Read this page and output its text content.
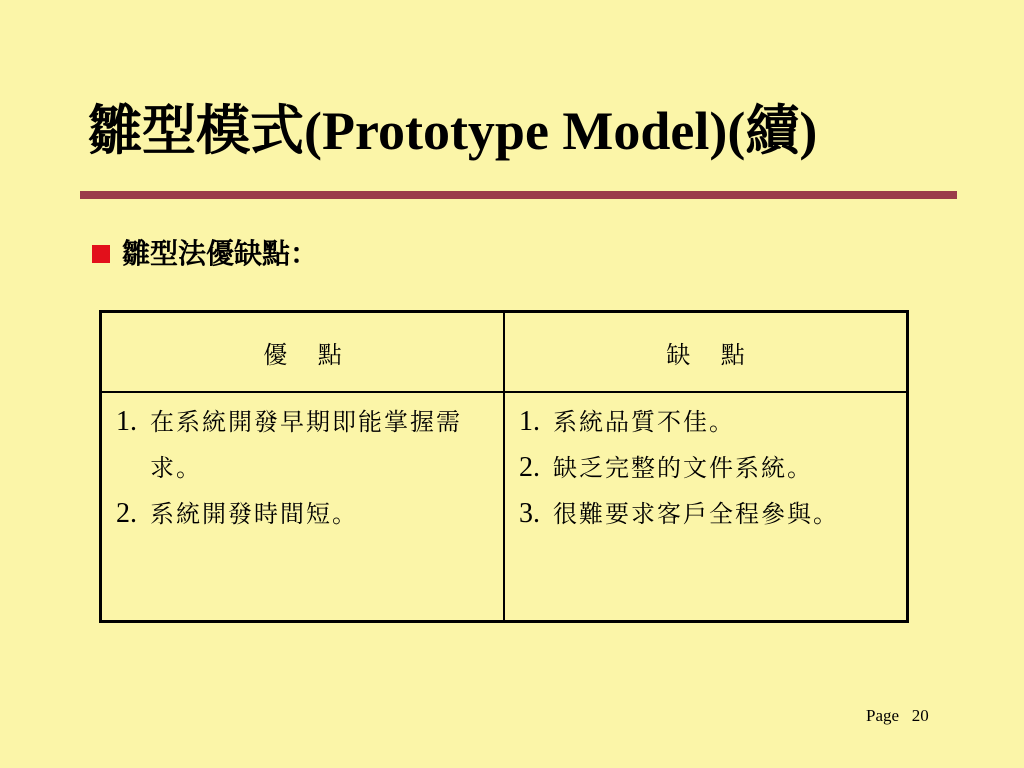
雛型模式(Prototype Model)(續)
雛型法優缺點：
優    點	缺    點
1. 在系統開發早期即能掌握需求。
2. 系統開發時間短。
1. 系統品質不佳。
2. 缺乏完整的文件系統。
3. 很難要求客戶全程參與。
Page   20
